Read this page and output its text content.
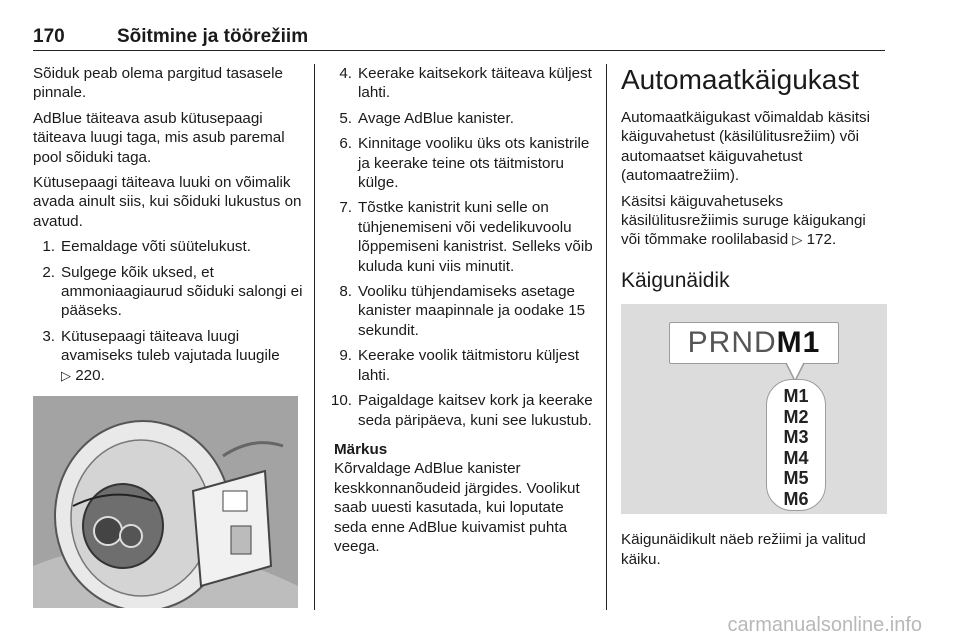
170	Sõitmine ja töörežiim

Sõiduk peab olema pargitud tasasele pinnale.

AdBlue täiteava asub kütusepaagi täiteava luugi taga, mis asub paremal pool sõiduki taga.

Kütusepaagi täiteava luuki on võimalik avada ainult siis, kui sõiduki lukustus on avatud.

1. Eemaldage võti süütelukust.
2. Sulgege kõik uksed, et ammoniaagiaurud sõiduki salongi ei pääseks.
3. Kütusepaagi täiteava luugi avamiseks tuleb vajutada luugile
▷ 220.
4. Keerake kaitsekork täiteava küljest lahti.
5. Avage AdBlue kanister.
6. Kinnitage vooliku üks ots kanistrile ja keerake teine ots täitmistoru külge.
7. Tõstke kanistrit kuni selle on tühjenemiseni või vedelikuvoolu lõppemiseni kanistrist. Selleks võib kuluda kuni viis minutit.
8. Vooliku tühjendamiseks asetage kanister maapinnale ja oodake 15 sekundit.
9. Keerake voolik täitmistoru küljest lahti.
10. Paigaldage kaitsev kork ja keerake seda päripäeva, kuni see lukustub.
Märkus

Kõrvaldage AdBlue kanister keskkonnanõudeid järgides. Voolikut saab uuesti kasutada, kui loputate seda enne AdBlue kuivamist puhta veega.

Automaatkäigukast

Automaatkäigukast võimaldab käsitsi käiguvahetust (käsilülitusrežiim) või automaatset käiguvahetust (automaatrežiim).

Käsitsi käiguvahetuseks käsilülitusrežiimis suruge käigukangi või tõmmake roolilabasid ▷ 172.

Käigunäidik
PRNDM1
M1
M2
M3
M4
M5
M6

Käigunäidikult näeb režiimi ja valitud käiku.

carmanualsonline.info
